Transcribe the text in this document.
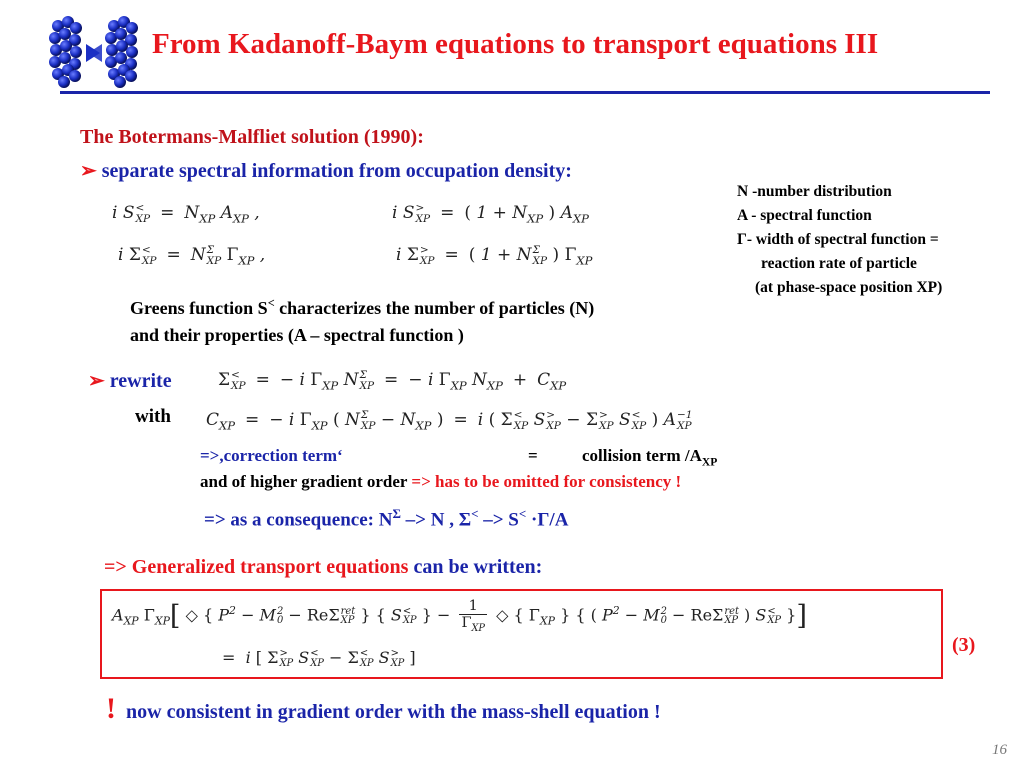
From Kadanoff-Baym equations to transport equations III
The Botermans-Malfliet solution (1990):
➢ separate spectral information from occupation density:
N -number distribution
A - spectral function
Γ- width of spectral function =
reaction rate of particle
(at phase-space position XP)
i S <
XP = $N_{XP}$ $A_{XP}$ ,	i S >
XP = ( $1 + N_{XP}$ ) $A_{XP}$
i Σ <
XP = N Σ
XP $\Gamma_{XP}$ ,	i Σ >
XP = ( 1 + N Σ
XP ) $\Gamma_{XP}$
Greens function S< characterizes the number of particles (N)
and their properties (A – spectral function )
➢ rewrite	Σ <
XP = − i $\Gamma_{XP}$ N Σ
XP = − i $\Gamma_{XP}$ $N_{XP} + C_{XP}$
with $C_{XP}$ = − i $\Gamma_{XP}$ ( N Σ
XP − $N_{XP}$ ) = i ( Σ <
XP S >
XP − Σ >
XP S <
XP ) A −1
XP
=>,correction term‘	=	collision term $/A_{XP}$
and of higher gradient order => has to be omitted for consistency !
=> as a consequence: $N^\Sigma -> N$ , Σ< –> S< ·Γ/A
=> Generalized transport equations can be written:
$A_{XP}$ $\Gamma_{XP}$[ ◇ { $P^2 - M$ 2
0 − ReΣ ret
XP } { S <
XP } − $\frac{1}{\Gamma_{XP}}$ ◇ { $\Gamma_{XP}$ } { ( $P^2 - M$ 2
0 − ReΣ ret
XP ) S <
XP }]
=  i [ Σ >
XP S <
XP − Σ <
XP S >
XP ]
(3)
! now consistent in gradient order with the mass-shell equation !
16
